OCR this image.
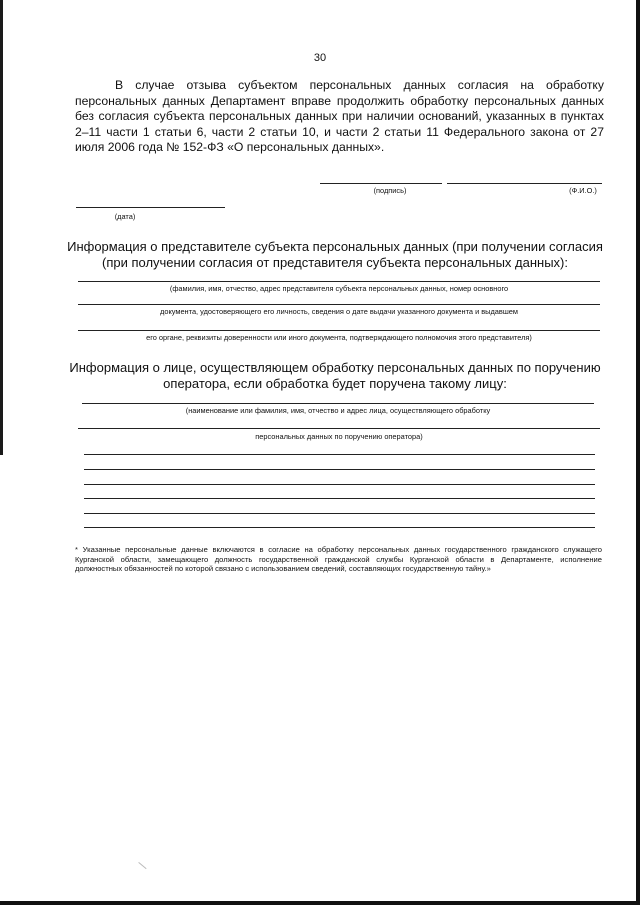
30

В случае отзыва субъектом персональных данных согласия на обработку персональных данных Департамент вправе продолжить обработку персональных данных без согласия субъекта персональных данных при наличии оснований, указанных в пунктах 2–11 части 1 статьи 6, части 2 статьи 10, и части 2 статьи 11 Федерального закона от 27 июля 2006 года № 152-ФЗ «О персональных данных».

(подпись)	(Ф.И.О.)
(дата)

Информация о представителе субъекта персональных данных (при получении согласия (при получении согласия от представителя субъекта персональных данных):

(фамилия, имя, отчество, адрес представителя субъекта персональных данных, номер основного
документа, удостоверяющего его личность, сведения о дате выдачи указанного документа и выдавшем
его органе, реквизиты доверенности или иного документа, подтверждающего полномочия этого представителя)

Информация о лице, осуществляющем обработку персональных данных по поручению оператора, если обработка будет поручена такому лицу:

(наименование или фамилия, имя, отчество и адрес лица, осуществляющего обработку
персональных данных по поручению оператора)

* Указанные персональные данные включаются в согласие на обработку персональных данных государственного гражданского служащего Курганской области, замещающего должность государственной гражданской службы Курганской области в Департаменте, исполнение должностных обязанностей по которой связано с использованием сведений, составляющих государственную тайну.»
